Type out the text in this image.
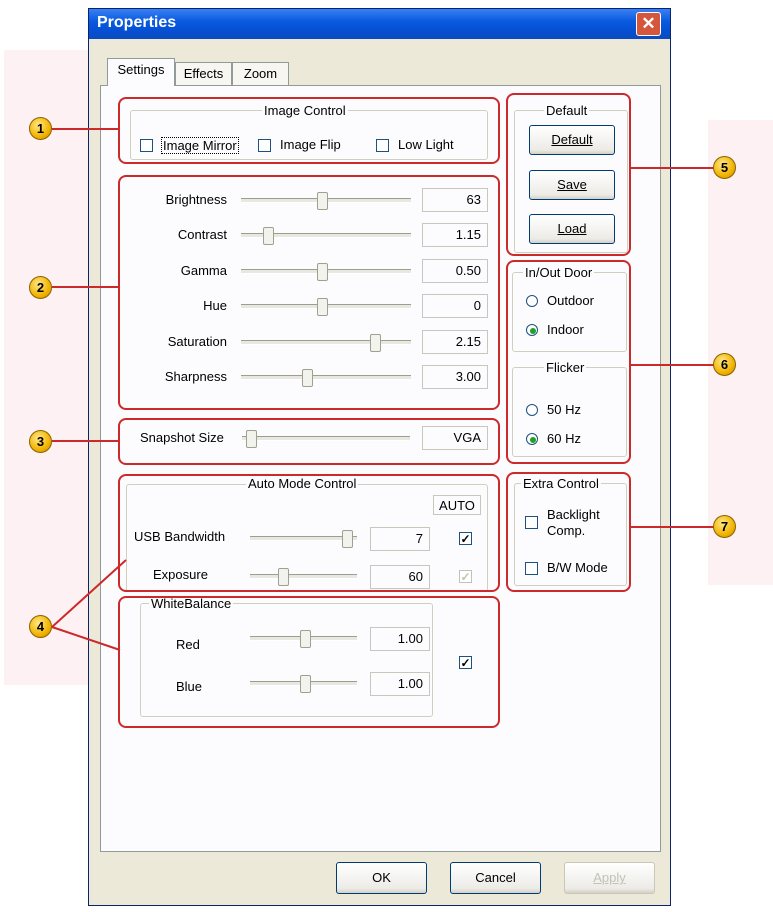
Properties	✕
Settings	Effects	Zoom
Image Control
Image Mirror	Image Flip	Low Light
Brightness	63
Contrast	1.15
Gamma	0.50
Hue	0
Saturation	2.15
Sharpness	3.00
Snapshot Size	VGA
Auto Mode Control
AUTO
USB Bandwidth	7	✓
Exposure	60	✓
WhiteBalance
Red	1.00
Blue	1.00
✓
Default
Default
Save
Load
In/Out Door
Outdoor
Indoor
Flicker
50 Hz
60 Hz
Extra Control
Backlight
Comp.
B/W Mode
OK	Cancel	Apply
1
2
3
4
5
6
7
